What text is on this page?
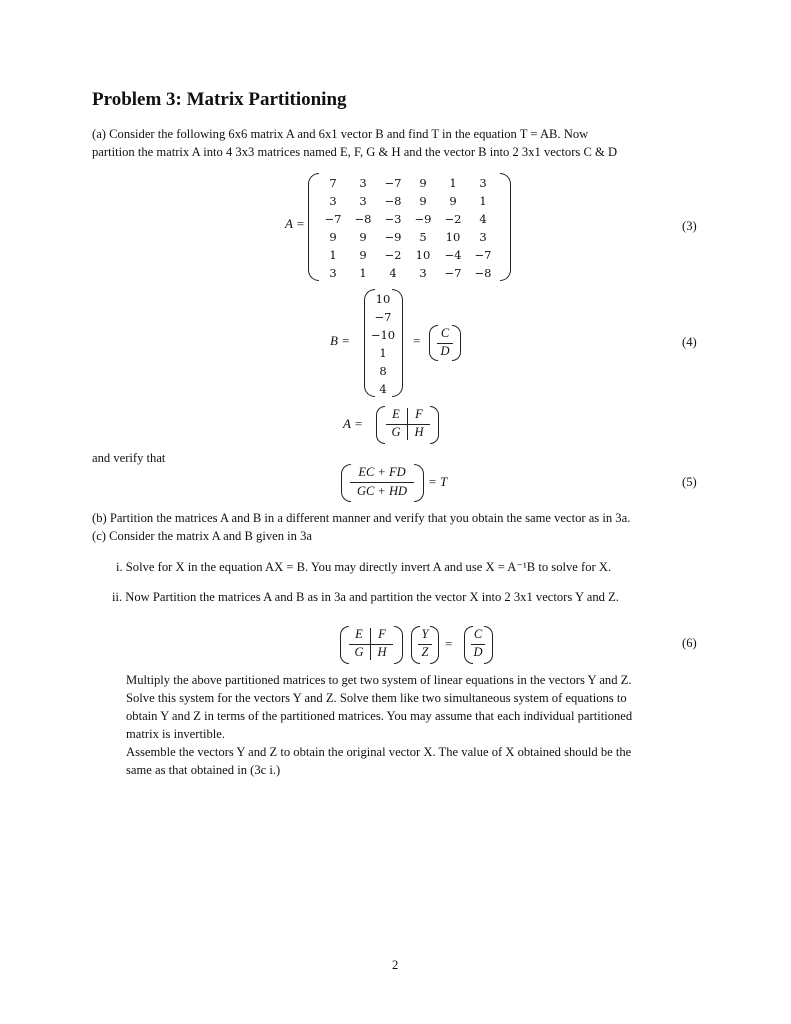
Problem 3: Matrix Partitioning
(a) Consider the following 6x6 matrix A and 6x1 vector B and find T in the equation T = AB. Now
partition the matrix A into 4 3x3 matrices named E, F, G & H and the vector B into 2 3x1 vectors C & D
A =
7	3	−7	9	1	3
3	3	−8	9	9	1
−7	−8	−3	−9	−2	4
9	9	−9	5	10	3
1	9	−2	10	−4	−7
3	1	4	3	−7	−8
(3)
B =
10
−7
−10
1
8
4
=	C
D
(4)
A =
E	F
G	H
and verify that
EC + FD
GC + HD
= T	(5)
(b) Partition the matrices A and B in a different manner and verify that you obtain the same vector as in 3a.
(c) Consider the matrix A and B given in 3a
i. Solve for X in the equation AX = B. You may directly invert A and use X = A⁻¹B to solve for X.
ii. Now Partition the matrices A and B as in 3a and partition the vector X into 2 3x1 vectors Y and Z.
E	F
G	H
Y
Z
=
C
D
(6)
Multiply the above partitioned matrices to get two system of linear equations in the vectors Y and Z.
Solve this system for the vectors Y and Z. Solve them like two simultaneous system of equations to
obtain Y and Z in terms of the partitioned matrices. You may assume that each individual partitioned
matrix is invertible.
Assemble the vectors Y and Z to obtain the original vector X. The value of X obtained should be the
same as that obtained in (3c i.)
2
